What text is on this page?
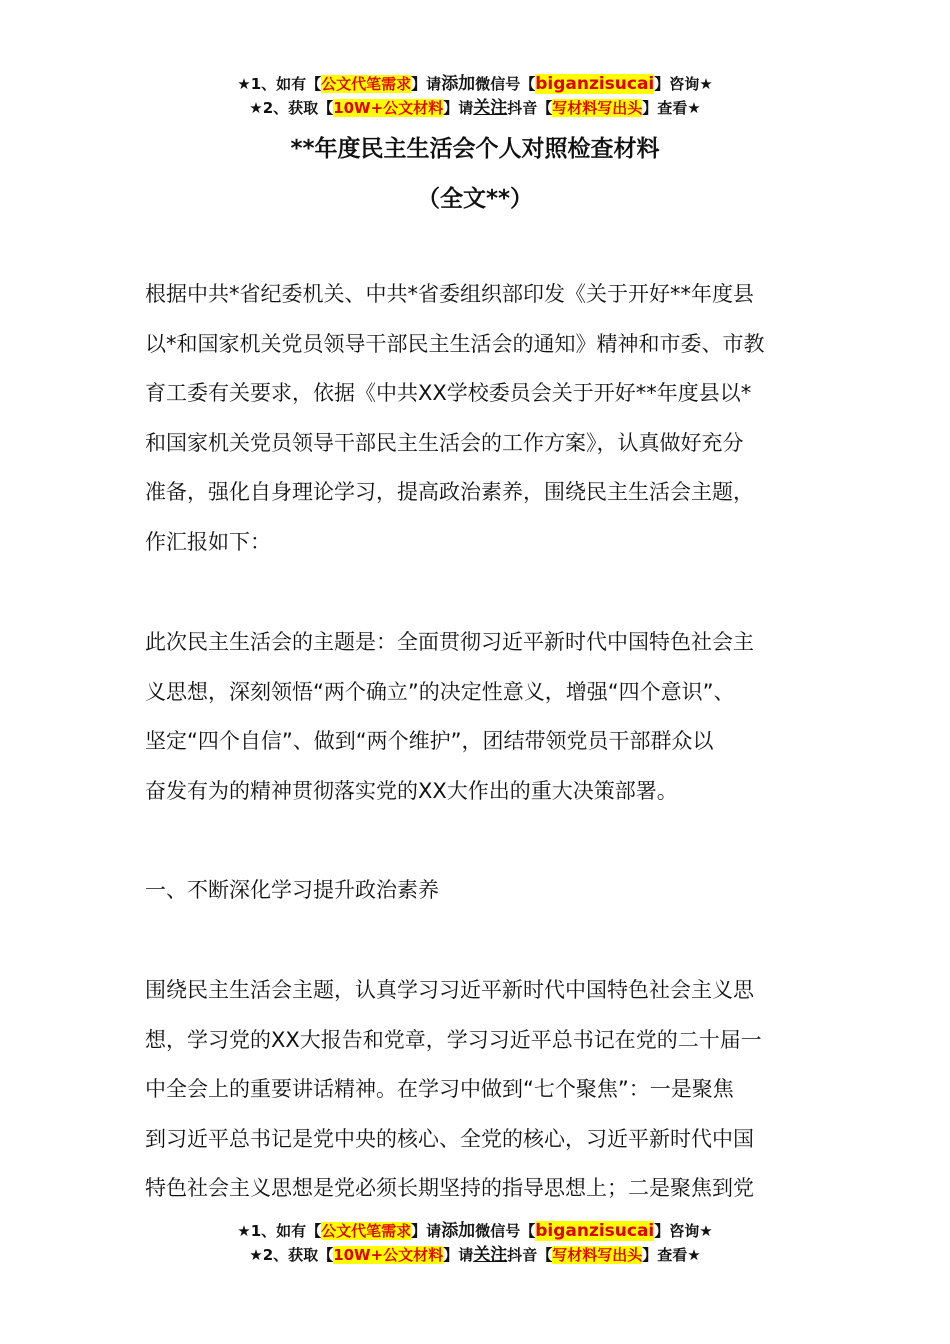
★1、如有【公文代笔需求】请添加微信号【biganzisucai】咨询★
★2、获取【10W+公文材料】请关注抖音【写材料写出头】查看★
**年度民主生活会个人对照检查材料
（全文**）

根据中共*省纪委机关、中共*省委组织部印发《关于开好**年度县

以*和国家机关党员领导干部民主生活会的通知》精神和市委、市教

育工委有关要求，依据《中共XX学校委员会关于开好**年度县以*

和国家机关党员领导干部民主生活会的工作方案》，认真做好充分

准备，强化自身理论学习，提高政治素养，围绕民主生活会主题，

作汇报如下：

此次民主生活会的主题是：全面贯彻习近平新时代中国特色社会主

义思想，深刻领悟“两个确立”的决定性意义，增强“四个意识”、

坚定“四个自信”、做到“两个维护”，团结带领党员干部群众以

奋发有为的精神贯彻落实党的XX大作出的重大决策部署。

一、不断深化学习提升政治素养

围绕民主生活会主题，认真学习习近平新时代中国特色社会主义思

想，学习党的XX大报告和党章，学习习近平总书记在党的二十届一

中全会上的重要讲话精神。在学习中做到“七个聚焦”：一是聚焦

到习近平总书记是党中央的核心、全党的核心，习近平新时代中国

特色社会主义思想是党必须长期坚持的指导思想上；二是聚焦到党

★1、如有【公文代笔需求】请添加微信号【biganzisucai】咨询★
★2、获取【10W+公文材料】请关注抖音【写材料写出头】查看★
